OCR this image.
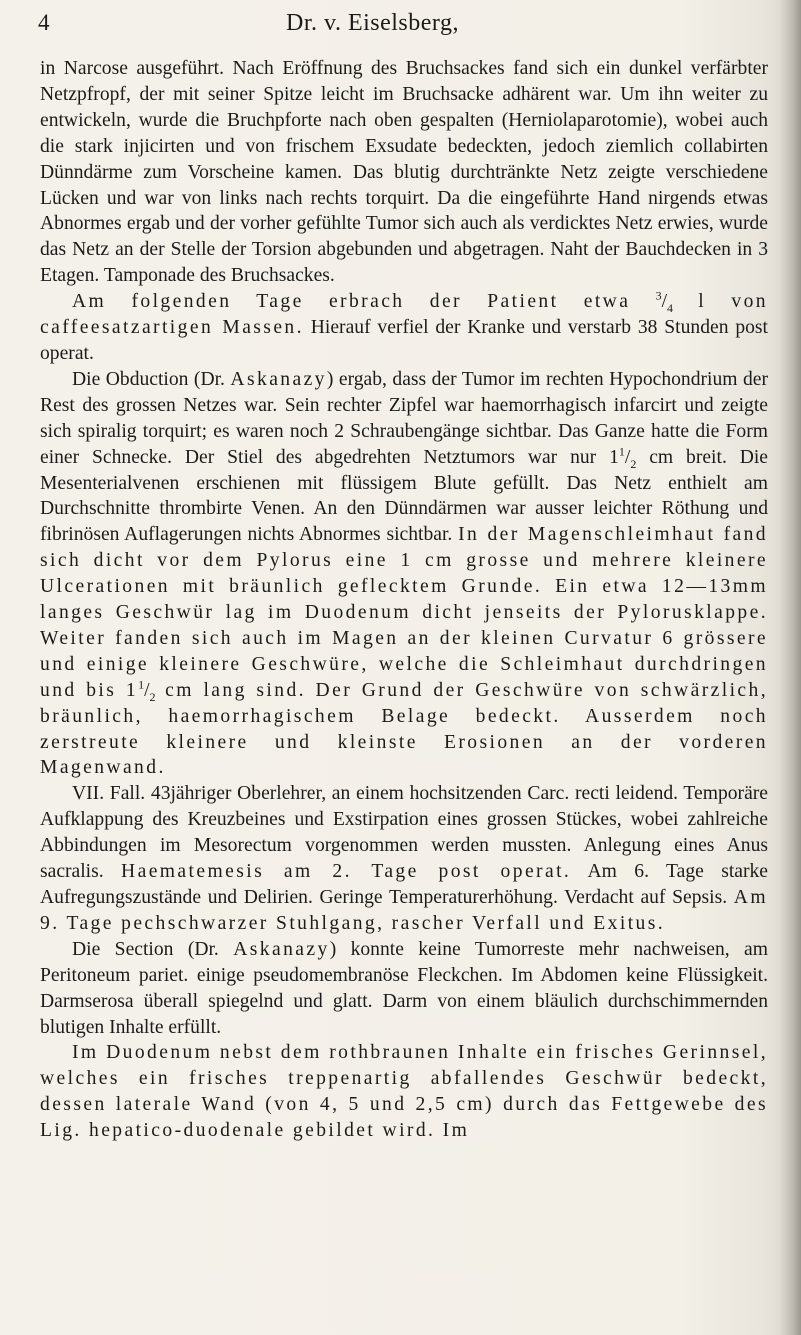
4	Dr. v. Eiselsberg,

in Narcose ausgeführt. Nach Eröffnung des Bruchsackes fand sich ein dunkel verfärbter Netzpfropf, der mit seiner Spitze leicht im Bruchsacke adhärent war. Um ihn weiter zu entwickeln, wurde die Bruchpforte nach oben gespalten (Herniolaparotomie), wobei auch die stark injicirten und von frischem Exsudate bedeckten, jedoch ziemlich collabirten Dünndärme zum Vorscheine kamen. Das blutig durchtränkte Netz zeigte verschiedene Lücken und war von links nach rechts torquirt. Da die eingeführte Hand nirgends etwas Abnormes ergab und der vorher gefühlte Tumor sich auch als verdicktes Netz erwies, wurde das Netz an der Stelle der Torsion abgebunden und abgetragen. Naht der Bauchdecken in 3 Etagen. Tamponade des Bruchsackes.

Am folgenden Tage erbrach der Patient etwa $^3/_4$ l von caffeesatzartigen Massen. Hierauf verfiel der Kranke und verstarb 38 Stunden post operat.

Die Obduction (Dr. Askanazy) ergab, dass der Tumor im rechten Hypochondrium der Rest des grossen Netzes war. Sein rechter Zipfel war haemorrhagisch infarcirt und zeigte sich spiralig torquirt; es waren noch 2 Schraubengänge sichtbar. Das Ganze hatte die Form einer Schnecke. Der Stiel des abgedrehten Netztumors war nur $1^1/_2$ cm breit. Die Mesenterialvenen erschienen mit flüssigem Blute gefüllt. Das Netz enthielt am Durchschnitte thrombirte Venen. An den Dünndärmen war ausser leichter Röthung und fibrinösen Auflagerungen nichts Abnormes sichtbar. In der Magenschleimhaut fand sich dicht vor dem Pylorus eine 1 cm grosse und mehrere kleinere Ulcerationen mit bräunlich geflecktem Grunde. Ein etwa 12—13mm langes Geschwür lag im Duodenum dicht jenseits der Pylorusklappe. Weiter fanden sich auch im Magen an der kleinen Curvatur 6 grössere und einige kleinere Geschwüre, welche die Schleimhaut durchdringen und bis $1^1/_2$ cm lang sind. Der Grund der Geschwüre von schwärzlich, bräunlich, haemorrhagischem Belage bedeckt. Ausserdem noch zerstreute kleinere und kleinste Erosionen an der vorderen Magenwand.

VII. Fall. 43jähriger Oberlehrer, an einem hochsitzenden Carc. recti leidend. Temporäre Aufklappung des Kreuzbeines und Exstirpation eines grossen Stückes, wobei zahlreiche Abbindungen im Mesorectum vorgenommen werden mussten. Anlegung eines Anus sacralis. Haematemesis am 2. Tage post operat. Am 6. Tage starke Aufregungszustände und Delirien. Geringe Temperaturerhöhung. Verdacht auf Sepsis. Am 9. Tage pechschwarzer Stuhlgang, rascher Verfall und Exitus.

Die Section (Dr. Askanazy) konnte keine Tumorreste mehr nachweisen, am Peritoneum pariet. einige pseudomembranöse Fleckchen. Im Abdomen keine Flüssigkeit. Darmserosa überall spiegelnd und glatt. Darm von einem bläulich durchschimmernden blutigen Inhalte erfüllt.

Im Duodenum nebst dem rothbraunen Inhalte ein frisches Gerinnsel, welches ein frisches treppenartig abfallendes Geschwür bedeckt, dessen laterale Wand (von 4, 5 und 2,5 cm) durch das Fettgewebe des Lig. hepatico-duodenale gebildet wird. Im
